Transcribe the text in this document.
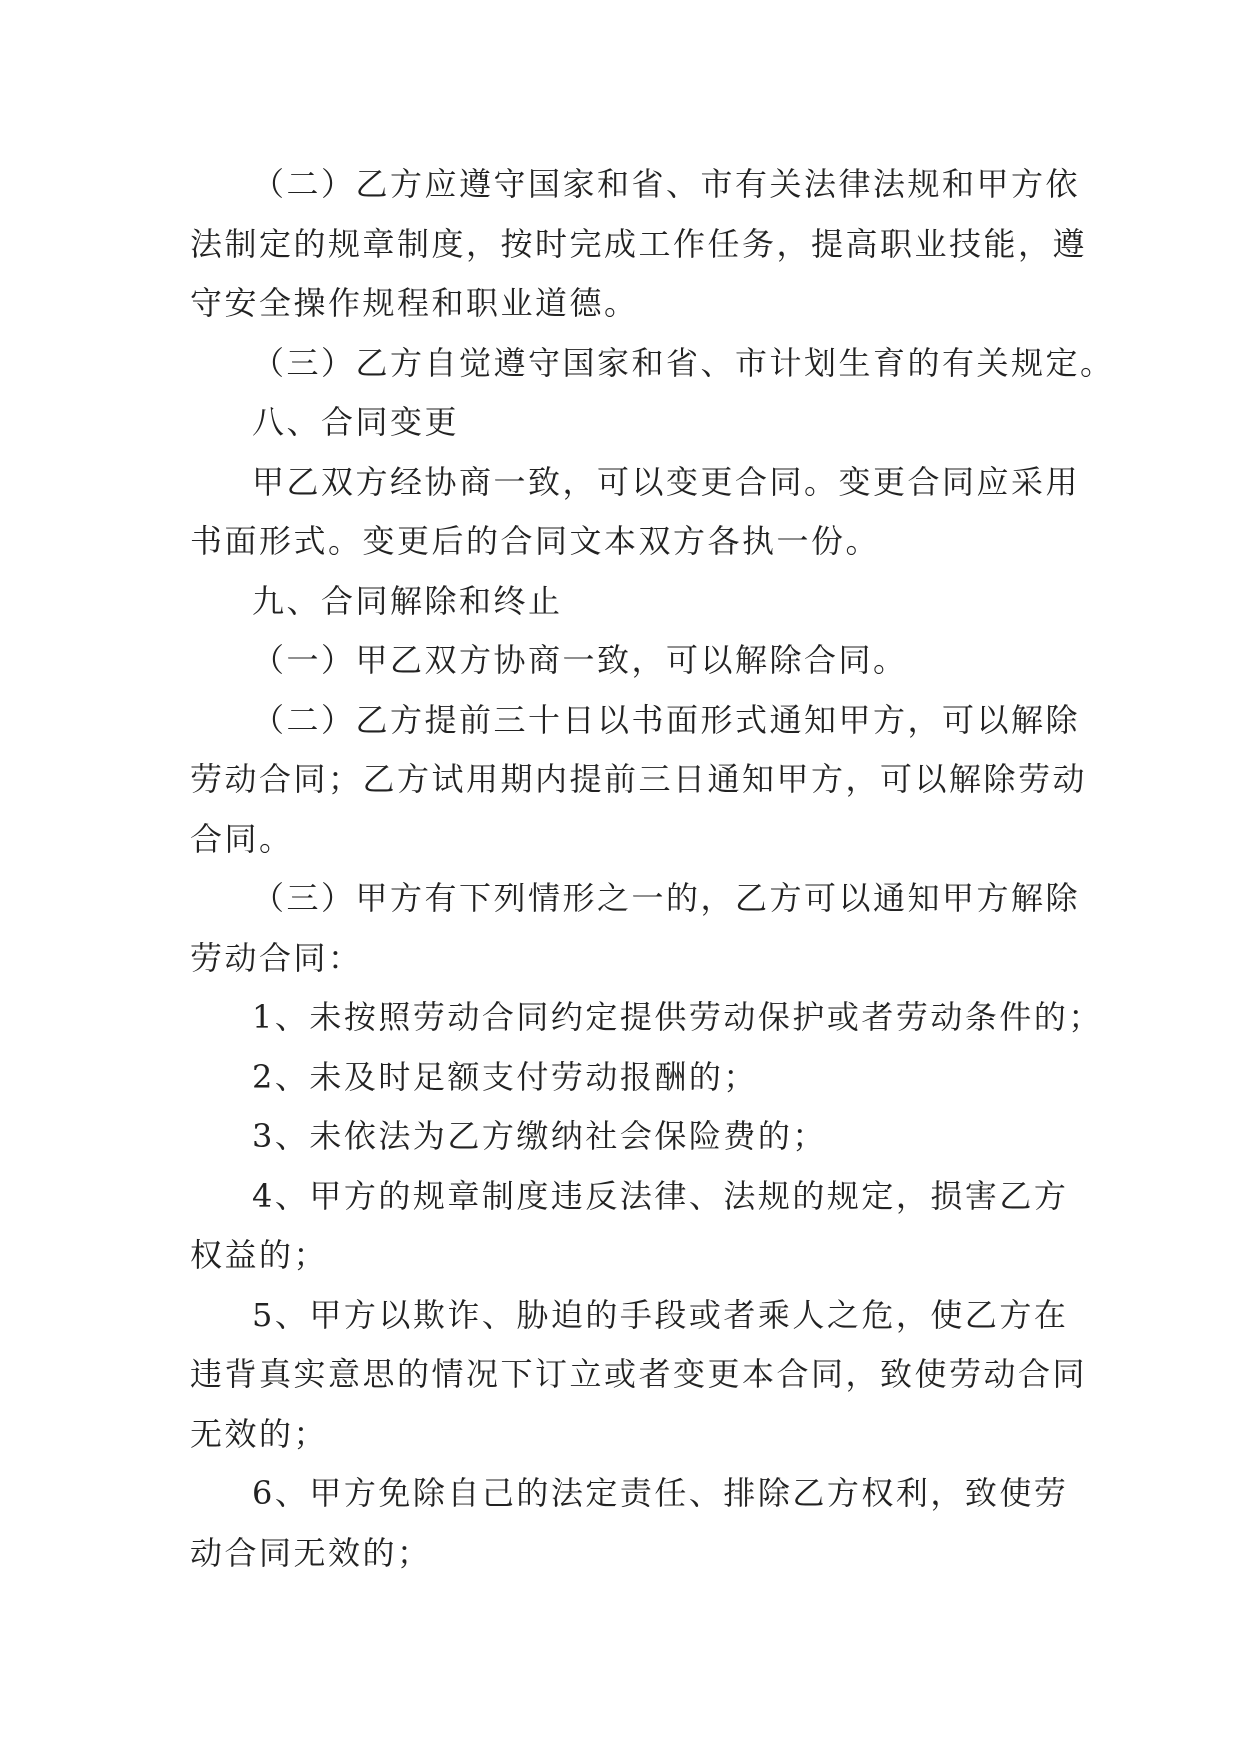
（二）乙方应遵守国家和省、市有关法律法规和甲方依
法制定的规章制度，按时完成工作任务，提高职业技能，遵
守安全操作规程和职业道德。
（三）乙方自觉遵守国家和省、市计划生育的有关规定。
八、合同变更
甲乙双方经协商一致，可以变更合同。变更合同应采用
书面形式。变更后的合同文本双方各执一份。
九、合同解除和终止
（一）甲乙双方协商一致，可以解除合同。
（二）乙方提前三十日以书面形式通知甲方，可以解除
劳动合同；乙方试用期内提前三日通知甲方，可以解除劳动
合同。
（三）甲方有下列情形之一的，乙方可以通知甲方解除
劳动合同：
1、未按照劳动合同约定提供劳动保护或者劳动条件的；
2、未及时足额支付劳动报酬的；
3、未依法为乙方缴纳社会保险费的；
4、甲方的规章制度违反法律、法规的规定，损害乙方
权益的；
5、甲方以欺诈、胁迫的手段或者乘人之危，使乙方在
违背真实意思的情况下订立或者变更本合同，致使劳动合同
无效的；
6、甲方免除自己的法定责任、排除乙方权利，致使劳
动合同无效的；
